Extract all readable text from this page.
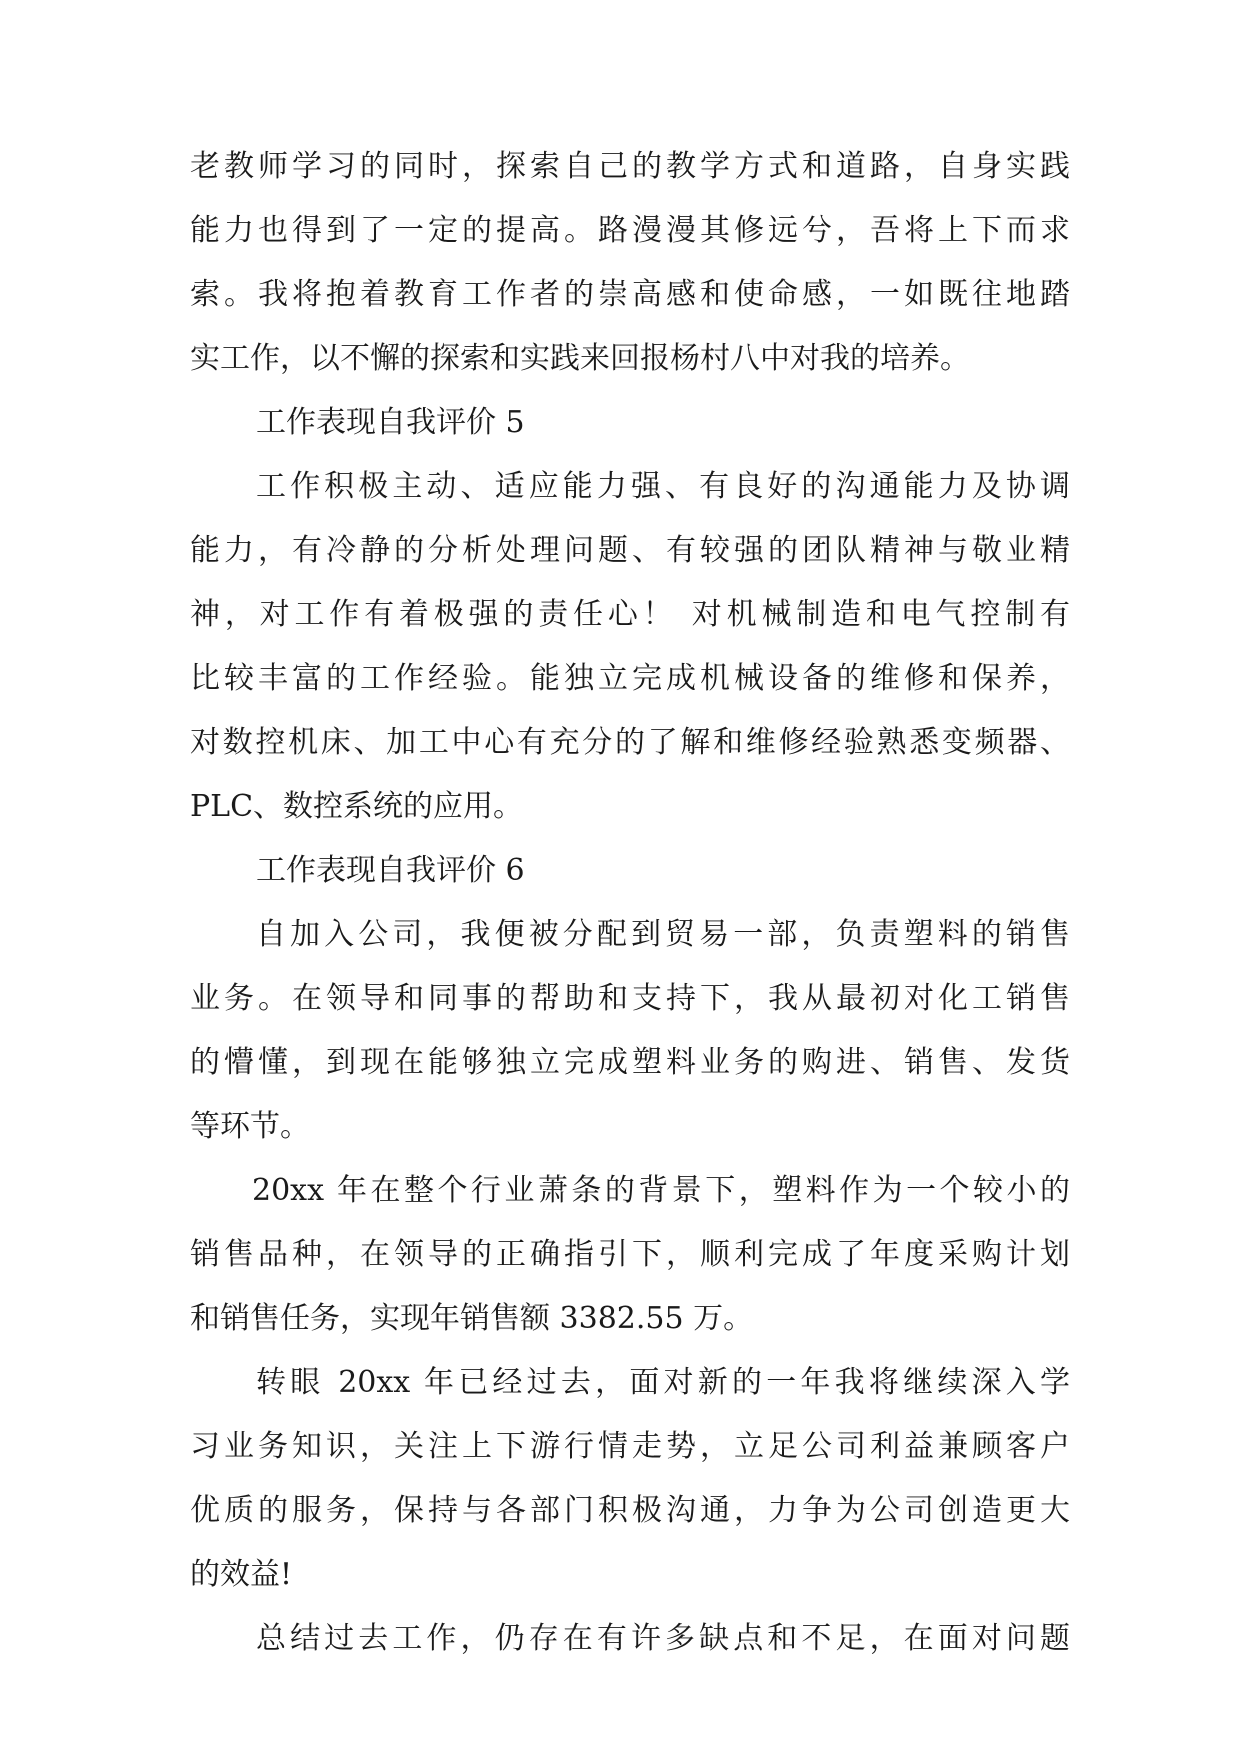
老教师学习的同时，探索自己的教学方式和道路，自身实践
能力也得到了一定的提高。路漫漫其修远兮，吾将上下而求
索。我将抱着教育工作者的崇高感和使命感，一如既往地踏
实工作，以不懈的探索和实践来回报杨村八中对我的培养。
工作表现自我评价 5
工作积极主动、适应能力强、有良好的沟通能力及协调
能力，有冷静的分析处理问题、有较强的团队精神与敬业精
神，对工作有着极强的责任心！ 对机械制造和电气控制有
比较丰富的工作经验。能独立完成机械设备的维修和保养，
对数控机床、加工中心有充分的了解和维修经验熟悉变频器、
PLC、数控系统的应用。
工作表现自我评价 6
自加入公司，我便被分配到贸易一部，负责塑料的销售
业务。在领导和同事的帮助和支持下，我从最初对化工销售
的懵懂，到现在能够独立完成塑料业务的购进、销售、发货
等环节。
20xx 年在整个行业萧条的背景下，塑料作为一个较小的
销售品种，在领导的正确指引下，顺利完成了年度采购计划
和销售任务，实现年销售额 3382.55 万。
转眼 20xx 年已经过去，面对新的一年我将继续深入学
习业务知识，关注上下游行情走势，立足公司利益兼顾客户
优质的服务，保持与各部门积极沟通，力争为公司创造更大
的效益!
总结过去工作，仍存在有许多缺点和不足，在面对问题
